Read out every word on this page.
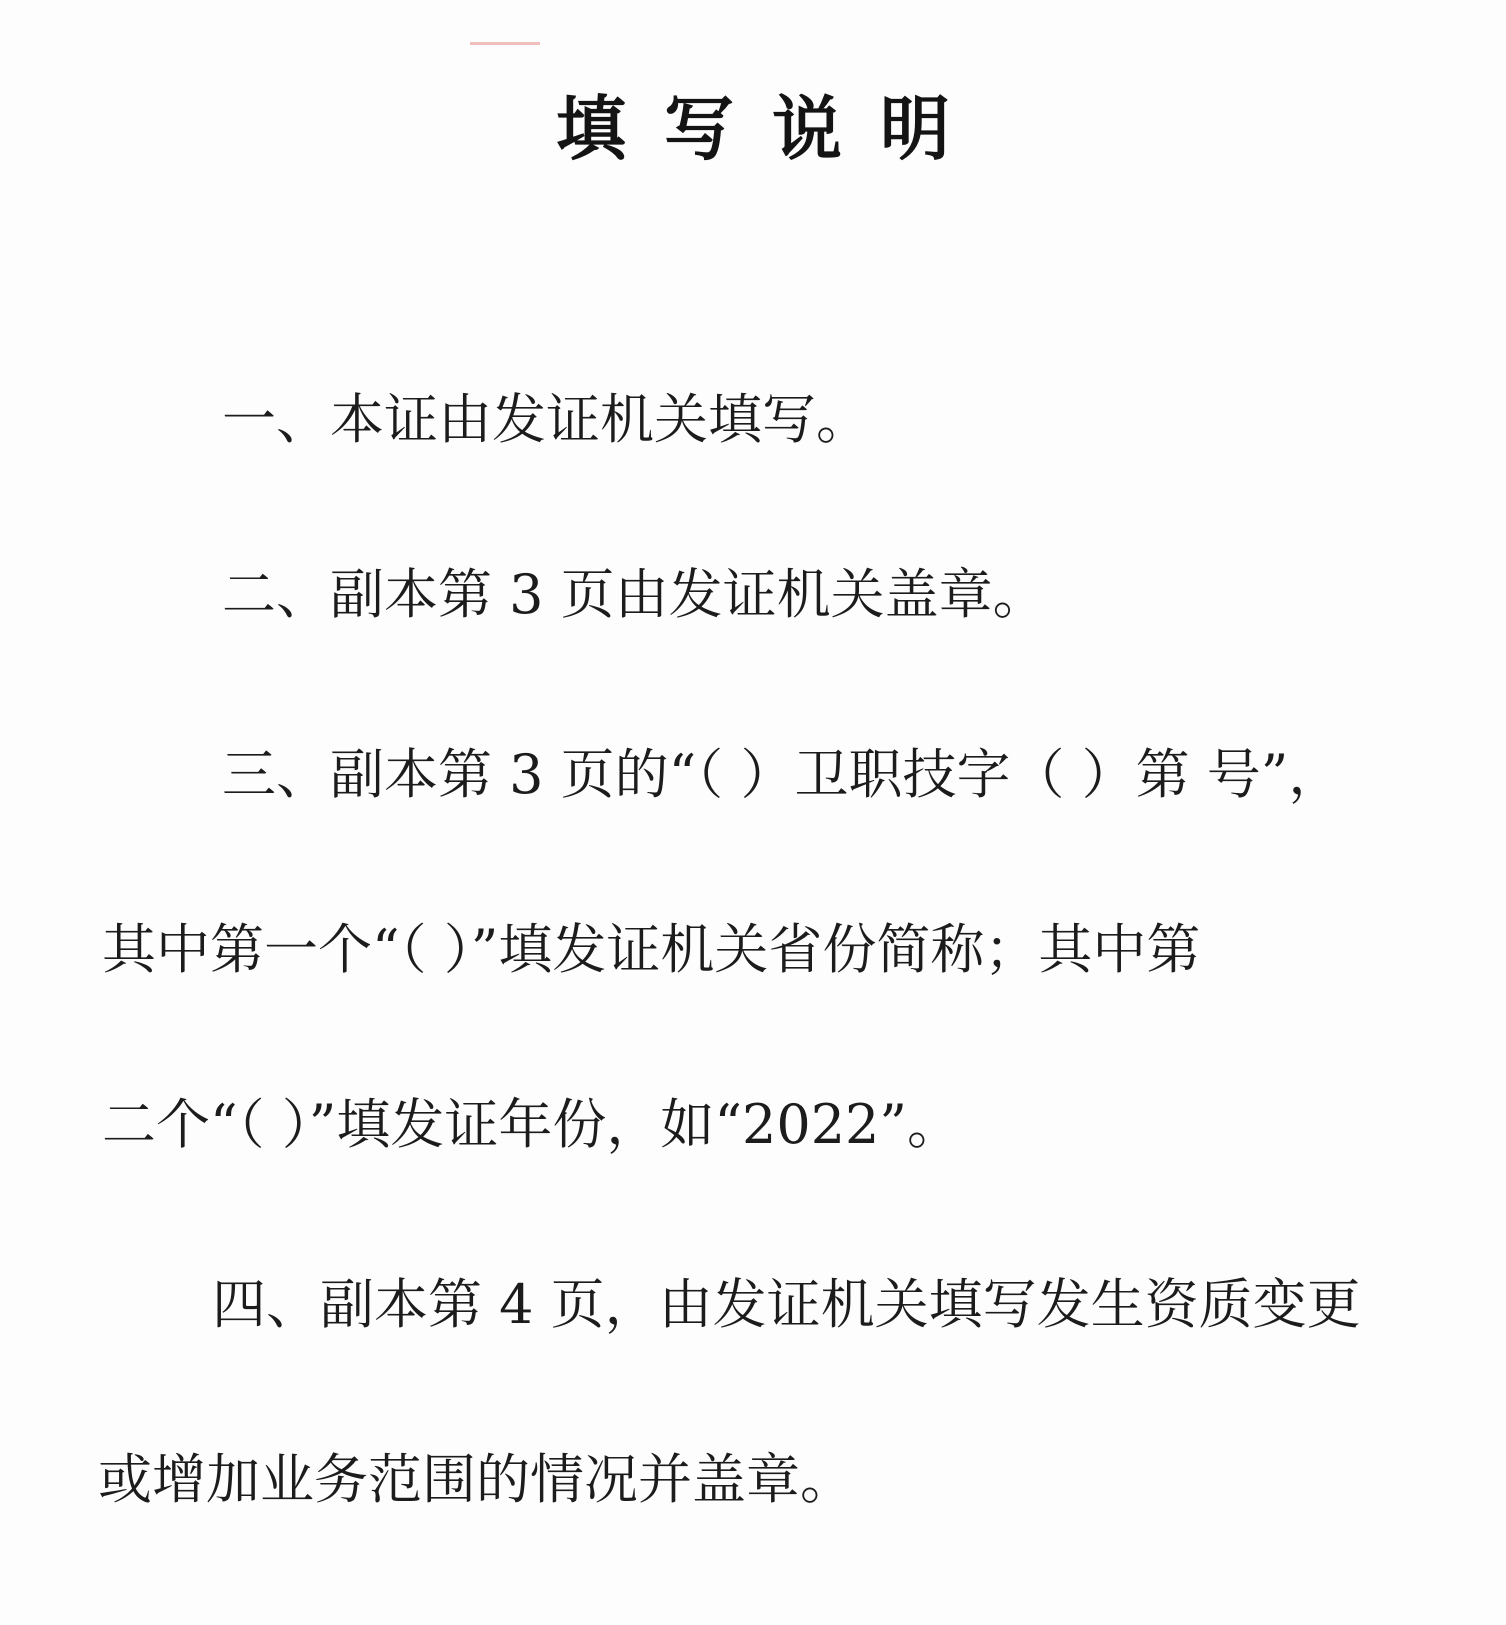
填写说明
一、本证由发证机关填写。
二、副本第 3 页由发证机关盖章。
三、副本第 3 页的“（ ）卫职技字（ ）第 号”，
其中第一个“（ ）”填发证机关省份简称；其中第
二个“（ ）”填发证年份，如“2022”。
四、副本第 4 页，由发证机关填写发生资质变更
或增加业务范围的情况并盖章。
